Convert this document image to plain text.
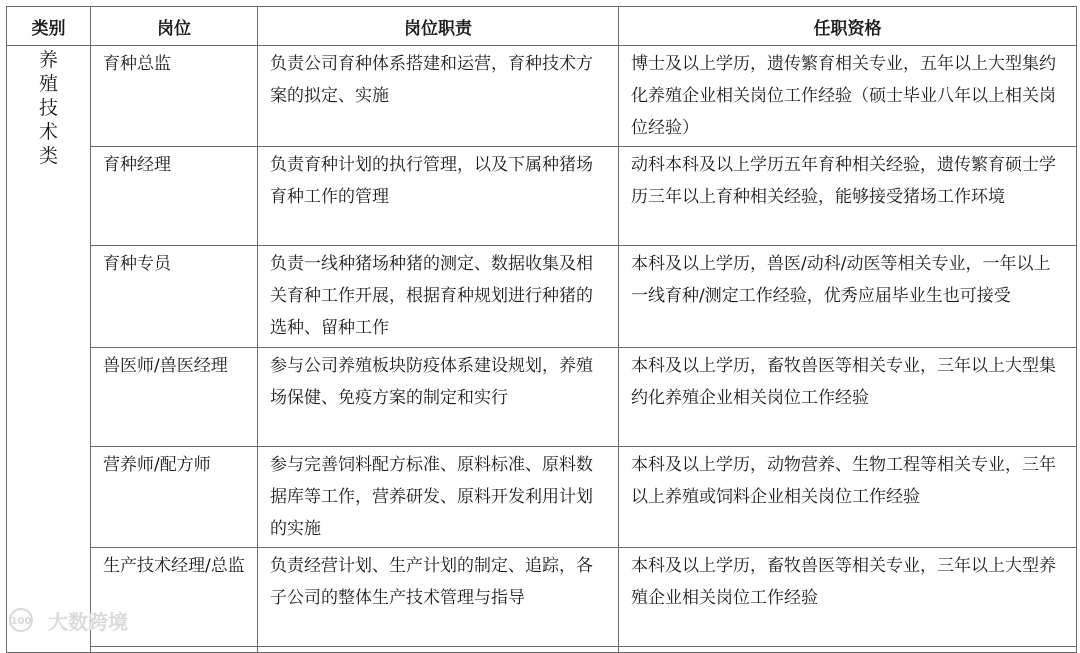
类别	岗位	岗位职责	任职资格
养殖技术类	育种总监	负责公司育种体系搭建和运营，育种技术方案的拟定、实施	博士及以上学历，遗传繁育相关专业，五年以上大型集约化养殖企业相关岗位工作经验（硕士毕业八年以上相关岗位经验）
	育种经理	负责育种计划的执行管理，以及下属种猪场育种工作的管理	动科本科及以上学历五年育种相关经验，遗传繁育硕士学历三年以上育种相关经验，能够接受猪场工作环境
	育种专员	负责一线种猪场种猪的测定、数据收集及相关育种工作开展，根据育种规划进行种猪的选种、留种工作	本科及以上学历，兽医/动科/动医等相关专业，一年以上一线育种/测定工作经验，优秀应届毕业生也可接受
	兽医师/兽医经理	参与公司养殖板块防疫体系建设规划，养殖场保健、免疫方案的制定和实行	本科及以上学历，畜牧兽医等相关专业，三年以上大型集约化养殖企业相关岗位工作经验
	营养师/配方师	参与完善饲料配方标准、原料标准、原料数据库等工作，营养研发、原料开发利用计划的实施	本科及以上学历，动物营养、生物工程等相关专业，三年以上养殖或饲料企业相关岗位工作经验
	生产技术经理/总监	负责经营计划、生产计划的制定、追踪，各子公司的整体生产技术管理与指导	本科及以上学历，畜牧兽医等相关专业，三年以上大型养殖企业相关岗位工作经验

100 大数跨境
